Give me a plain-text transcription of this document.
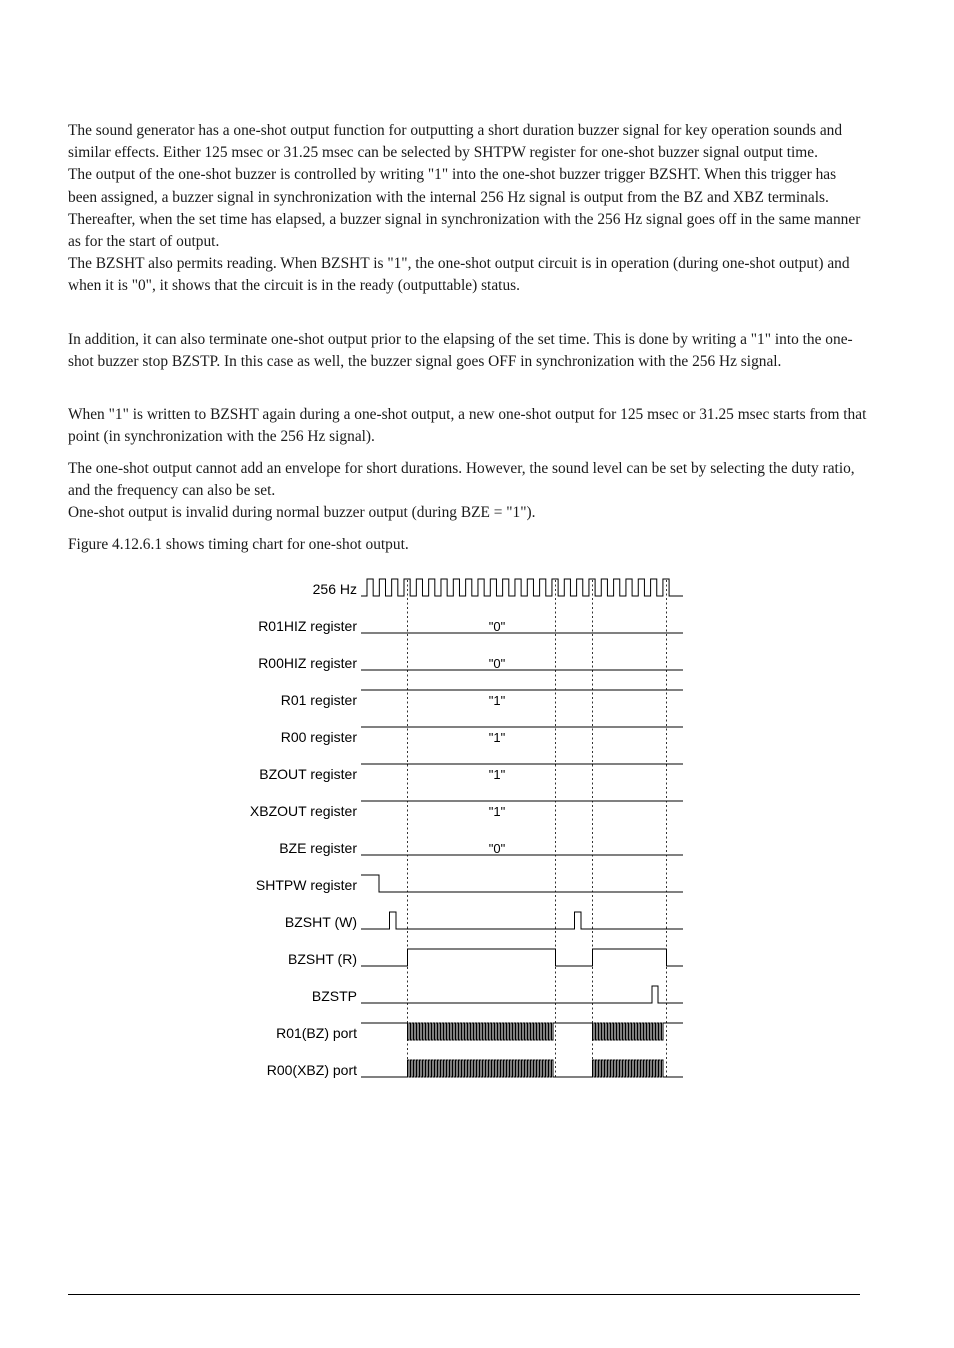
The sound generator has a one-shot output function for outputting a short duration buzzer signal for key operation sounds and similar effects. Either 125 msec or 31.25 msec can be selected by SHTPW register for one-shot buzzer signal output time.

The output of the one-shot buzzer is controlled by writing "1" into the one-shot buzzer trigger BZSHT. When this trigger has been assigned, a buzzer signal in synchronization with the internal 256 Hz signal is output from the BZ and XBZ terminals. Thereafter, when the set time has elapsed, a buzzer signal in synchronization with the 256 Hz signal goes off in the same manner as for the start of output.

The BZSHT also permits reading. When BZSHT is "1", the one-shot output circuit is in operation (during one-shot output) and when it is "0", it shows that the circuit is in the ready (outputtable) status.

In addition, it can also terminate one-shot output prior to the elapsing of the set time. This is done by writing a "1" into the one-shot buzzer stop BZSTP. In this case as well, the buzzer signal goes OFF in synchronization with the 256 Hz signal.

When "1" is written to BZSHT again during a one-shot output, a new one-shot output for 125 msec or 31.25 msec starts from that point (in synchronization with the 256 Hz signal).

The one-shot output cannot add an envelope for short durations. However, the sound level can be set by selecting the duty ratio, and the frequency can also be set.

One-shot output is invalid during normal buzzer output (during BZE = "1").

Figure 4.12.6.1 shows timing chart for one-shot output.

256 Hz
R01HIZ register	"0"
R00HIZ register	"0"
R01 register	"1"
R00 register	"1"
BZOUT register	"1"
XBZOUT register	"1"
BZE register	"0"
SHTPW register
BZSHT (W)
BZSHT (R)
BZSTP
R01(BZ) port
R00(XBZ) port
